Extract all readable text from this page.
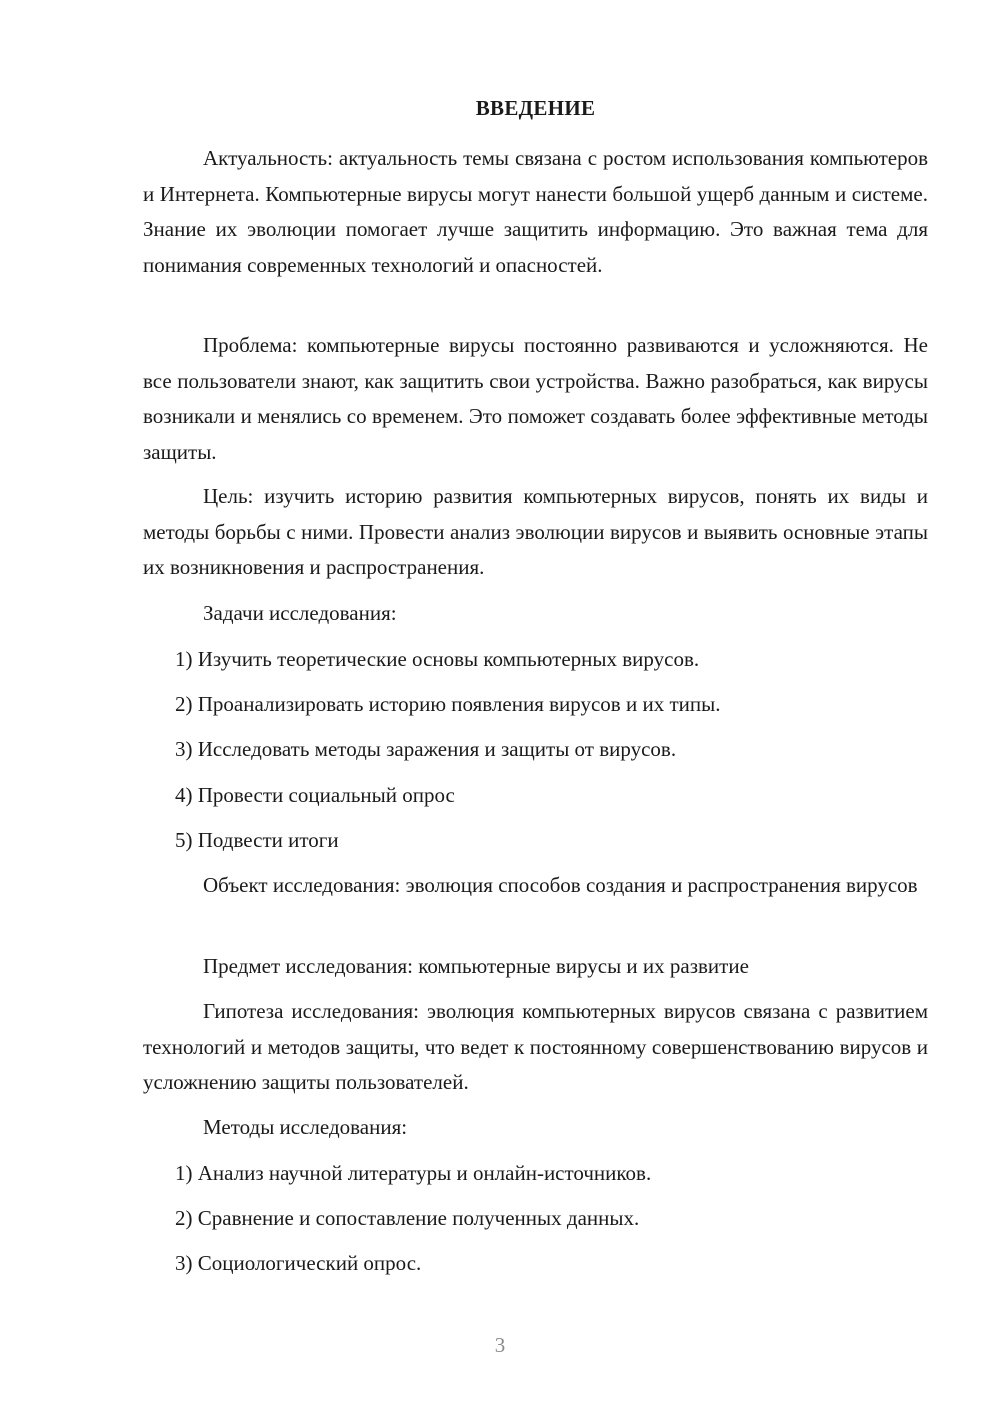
ВВЕДЕНИЕ
Актуальность: актуальность темы связана с ростом использования компьютеров и Интернета. Компьютерные вирусы могут нанести большой ущерб данным и системе. Знание их эволюции помогает лучше защитить информацию. Это важная тема для понимания современных технологий и опасностей.
Проблема: компьютерные вирусы постоянно развиваются и усложняются. Не все пользователи знают, как защитить свои устройства. Важно разобраться, как вирусы возникали и менялись со временем. Это поможет создавать более эффективные методы защиты.
Цель: изучить историю развития компьютерных вирусов, понять их виды и методы борьбы с ними. Провести анализ эволюции вирусов и выявить основные этапы их возникновения и распространения.
Задачи исследования:
1) Изучить теоретические основы компьютерных вирусов.
2) Проанализировать историю появления вирусов и их типы.
3) Исследовать методы заражения и защиты от вирусов.
4) Провести социальный опрос
5) Подвести итоги
Объект исследования: эволюция способов создания и распространения вирусов
Предмет исследования: компьютерные вирусы и их развитие
Гипотеза исследования: эволюция компьютерных вирусов связана с развитием технологий и методов защиты, что ведет к постоянному совершенствованию вирусов и усложнению защиты пользователей.
Методы исследования:
1) Анализ научной литературы и онлайн-источников.
2) Сравнение и сопоставление полученных данных.
3) Социологический опрос.
3
